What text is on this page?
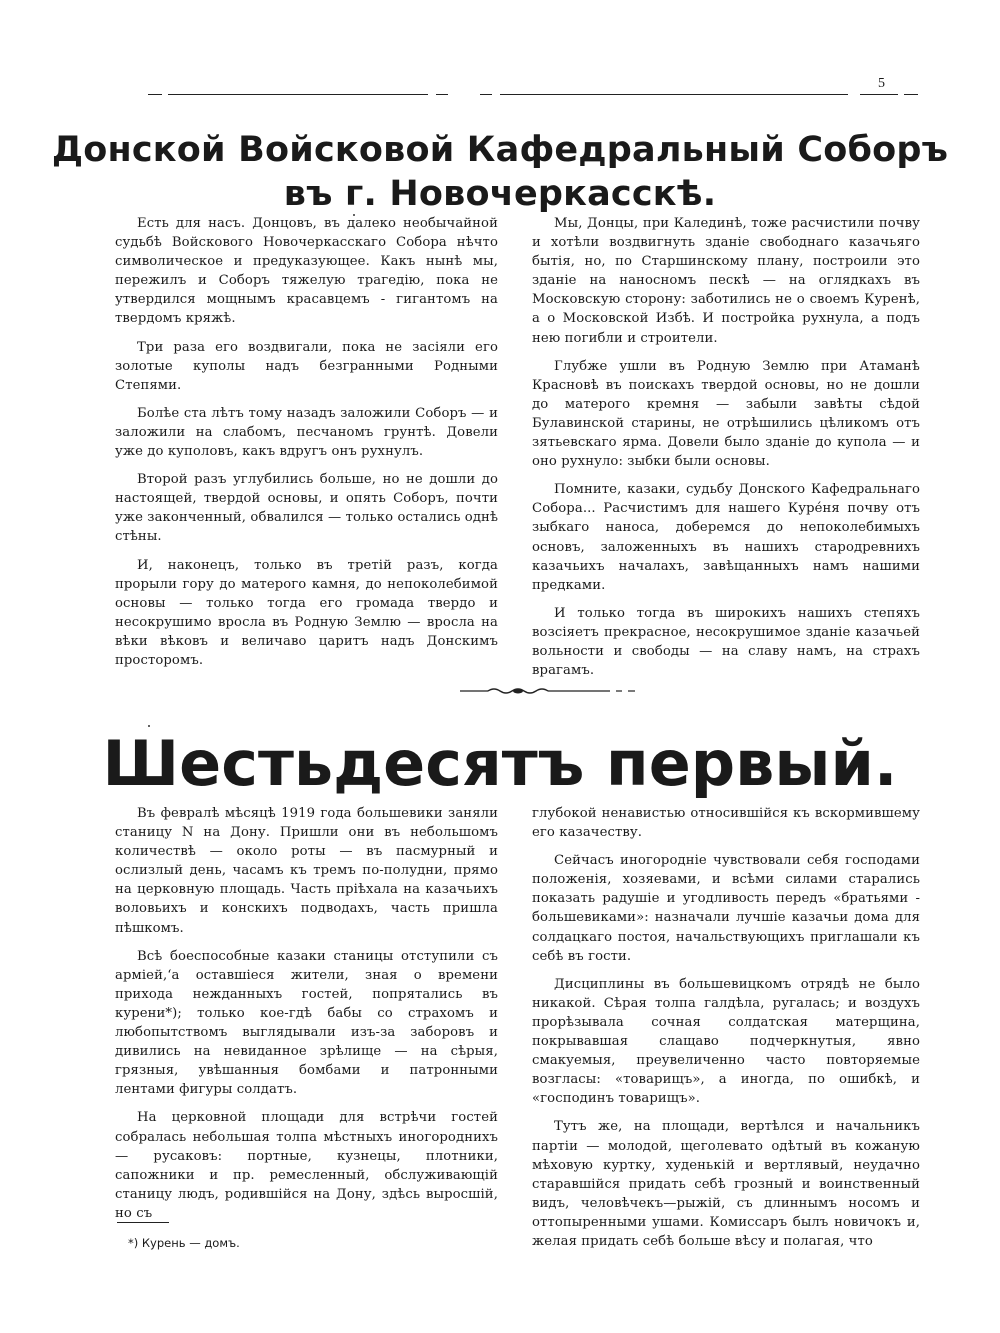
5
Донской Войсковой Кафедральный Соборъ
въ г. Новочеркасскѣ.

Есть для насъ. Донцовъ, въ далеко необычайной судьбѣ Войскового Новочеркасскаго Собора нѣчто символическое и предуказующее. Какъ нынѣ мы, пережилъ и Соборъ тяжелую трагедію, пока не утвердился мощнымъ красавцемъ - гигантомъ на твердомъ кряжѣ.

Три раза его воздвигали, пока не засіяли его золотые куполы надъ безгранными Родными Степями.

Болѣе ста лѣтъ тому назадъ заложили Соборъ — и заложили на слабомъ, песчаномъ грунтѣ. Довели уже до куполовъ, какъ вдругъ онъ рухнулъ.

Второй разъ углубились больше, но не дошли до настоящей, твердой основы, и опять Соборъ, почти уже законченный, обвалился — только остались однѣ стѣны.

И, наконецъ, только въ третій разъ, когда прорыли гору до матерого камня, до непоколебимой основы — только тогда его громада твердо и несокрушимо вросла въ Родную Землю — вросла на вѣки вѣковъ и величаво царитъ надъ Донскимъ просторомъ.

Мы, Донцы, при Калединѣ, тоже расчистили почву и хотѣли воздвигнуть зданіе свободнаго казачьяго бытія, но, по Старшинскому плану, построили это зданіе на наносномъ пескѣ — на оглядкахъ въ Московскую сторону: заботились не о своемъ Куренѣ, а о Московской Избѣ. И постройка рухнула, а подъ нею погибли и строители.

Глубже ушли въ Родную Землю при Атаманѣ Красновѣ въ поискахъ твердой основы, но не дошли до матерого кремня — забыли завѣты сѣдой Булавинской старины, не отрѣшились цѣликомъ отъ зятьевскаго ярма. Довели было зданіе до купола — и оно рухнуло: зыбки были основы.

Помните, казаки, судьбу Донского Кафедральнаго Собора... Расчистимъ для нашего Куре́ня почву отъ зыбкаго наноса, доберемся до непоколебимыхъ основъ, заложенныхъ въ нашихъ стародревнихъ казачьихъ началахъ, завѣщанныхъ намъ нашими предками.

И только тогда въ широкихъ нашихъ степяхъ возсіяетъ прекрасное, несокрушимое зданіе казачьей вольности и свободы — на славу намъ, на страхъ врагамъ.

Шестьдесятъ первый.

Въ февралѣ мѣсяцѣ 1919 года большевики заняли станицу N на Дону. Пришли они въ небольшомъ количествѣ — около роты — въ пасмурный и ослизлый день, часамъ къ тремъ по-полудни, прямо на церковную площадь. Часть пріѣхала на казачьихъ воловьихъ и конскихъ подводахъ, часть пришла пѣшкомъ.

Всѣ боеспособные казаки станицы отступили съ арміей,ʻа оставшіеся жители, зная о времени прихода нежданныхъ гостей, попрятались въ курени*); только кое-гдѣ бабы со страхомъ и любопытствомъ выглядывали изъ-за заборовъ и дивились на невиданное зрѣлище — на сѣрыя, грязныя, увѣшанныя бомбами и патронными лентами фигуры солдатъ.

На церковной площади для встрѣчи гостей собралась небольшая толпа мѣстныхъ иногороднихъ — русаковъ: портные, кузнецы, плотники, сапожники и пр. ремесленный, обслуживающій станицу людъ, родившійся на Дону, здѣсь выросшій, но съ

глубокой ненавистью относившійся къ вскормившему его казачеству.

Сейчасъ иногородніе чувствовали себя господами положенія, хозяевами, и всѣми силами старались показать радушіе и угодливость передъ «братьями - большевиками»: назначали лучшіе казачьи дома для солдацкаго постоя, начальствующихъ приглашали къ себѣ въ гости.

Дисциплины въ большевицкомъ отрядѣ не было никакой. Сѣрая толпа галдѣла, ругалась; и воздухъ прорѣзывала сочная солдатская матерщина, покрывавшая слащаво подчеркнутыя, явно смакуемыя, преувеличенно часто повторяемые возгласы: «товарищъ», а иногда, по ошибкѣ, и «господинъ товарищъ».

Тутъ же, на площади, вертѣлся и начальникъ партіи — молодой, щеголевато одѣтый въ кожаную мѣховую куртку, худенькій и вертлявый, неудачно старавшійся придать себѣ грозный и воинственный видъ, человѣчекъ—рыжій, съ длиннымъ носомъ и оттопыренными ушами. Комиссаръ былъ новичокъ и, желая придать себѣ больше вѣсу и полагая, что

*) Курень — домъ.
